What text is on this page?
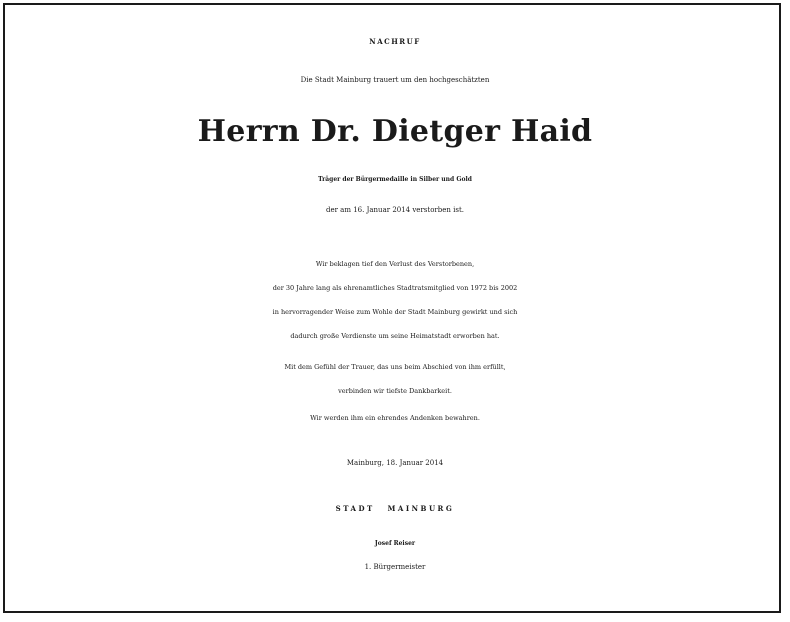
NACHRUF
Die Stadt Mainburg trauert um den hochgeschätzten
Herrn Dr. Dietger Haid
Träger der Bürgermedaille in Silber und Gold
der am 16. Januar 2014 verstorben ist.
Wir beklagen tief den Verlust des Verstorbenen,
der 30 Jahre lang als ehrenamtliches Stadtratsmitglied von 1972 bis 2002
in hervorragender Weise zum Wohle der Stadt Mainburg gewirkt und sich
dadurch große Verdienste um seine Heimatstadt erworben hat.
Mit dem Gefühl der Trauer, das uns beim Abschied von ihm erfüllt,
verbinden wir tiefste Dankbarkeit.
Wir werden ihm ein ehrendes Andenken bewahren.
Mainburg, 18. Januar 2014
STADT MAINBURG
Josef Reiser
1. Bürgermeister
